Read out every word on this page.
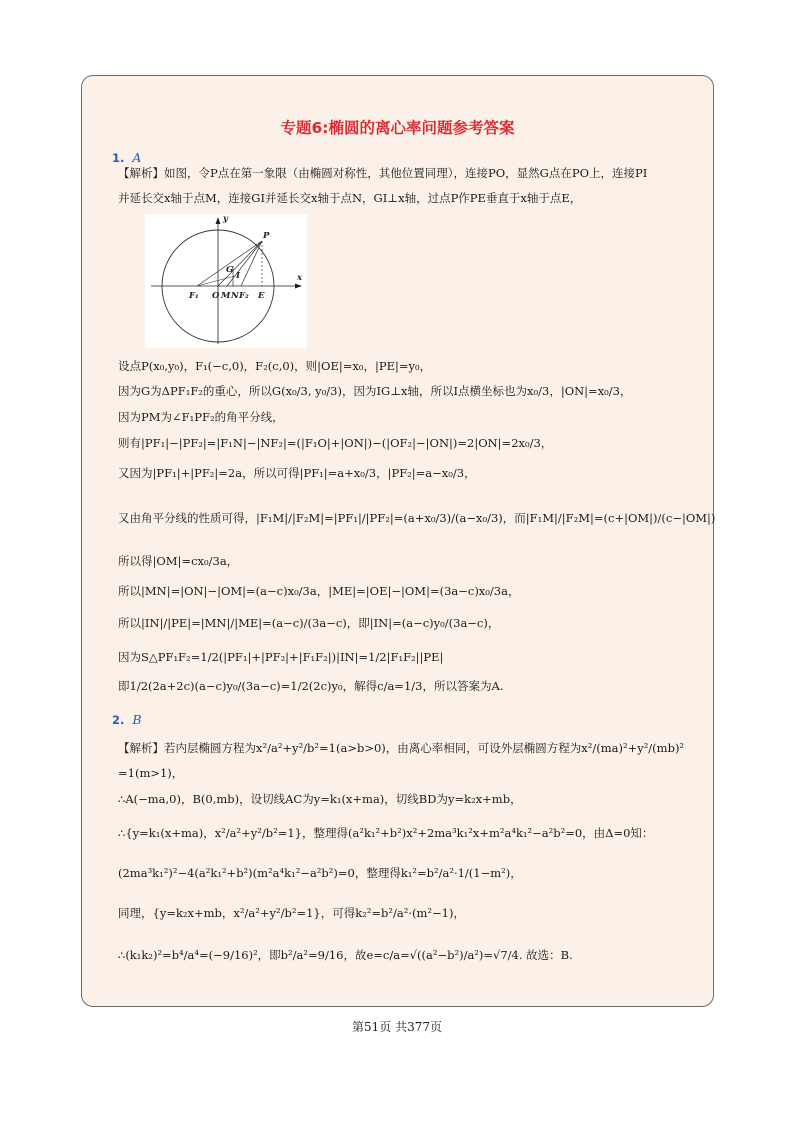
专题6:椭圆的离心率问题参考答案
1. A
【解析】如图，令P点在第一象限（由椭圆对称性，其他位置同理），连接PO，显然G点在PO上，连接PI
并延长交x轴于点M，连接GI并延长交x轴于点N，GI⊥x轴，过点P作PE垂直于x轴于点E，
y
P
G
I	x
F₁ O M N F₂ E
设点P(x₀,y₀)，F₁(−c,0)，F₂(c,0)，则|OE|=x₀，|PE|=y₀，
因为G为ΔPF₁F₂的重心，所以G(x₀/3, y₀/3)，因为IG⊥x轴，所以I点横坐标也为x₀/3，|ON|=x₀/3，
因为PM为∠F₁PF₂的角平分线，
则有|PF₁|−|PF₂|=|F₁N|−|NF₂|=(|F₁O|+|ON|)−(|OF₂|−|ON|)=2|ON|=2x₀/3，
又因为|PF₁|+|PF₂|=2a，所以可得|PF₁|=a+x₀/3，|PF₂|=a−x₀/3，
又由角平分线的性质可得，|F₁M|/|F₂M|=|PF₁|/|PF₂|=(a+x₀/3)/(a−x₀/3)，而|F₁M|/|F₂M|=(c+|OM|)/(c−|OM|)
所以得|OM|=cx₀/3a，
所以|MN|=|ON|−|OM|=(a−c)x₀/3a，|ME|=|OE|−|OM|=(3a−c)x₀/3a，
所以|IN|/|PE|=|MN|/|ME|=(a−c)/(3a−c)，即|IN|=(a−c)y₀/(3a−c)，
因为S△PF₁F₂=1/2(|PF₁|+|PF₂|+|F₁F₂|)|IN|=1/2|F₁F₂||PE|
即1/2(2a+2c)(a−c)y₀/(3a−c)=1/2(2c)y₀，解得c/a=1/3，所以答案为A.
2. B
【解析】若内层椭圆方程为x²/a²+y²/b²=1(a>b>0)，由离心率相同，可设外层椭圆方程为x²/(ma)²+y²/(mb)²
=1(m>1)，
∴A(−ma,0)，B(0,mb)，设切线AC为y=k₁(x+ma)，切线BD为y=k₂x+mb，
∴{y=k₁(x+ma)，x²/a²+y²/b²=1}，整理得(a²k₁²+b²)x²+2ma³k₁²x+m²a⁴k₁²−a²b²=0，由Δ=0知：
(2ma³k₁²)²−4(a²k₁²+b²)(m²a⁴k₁²−a²b²)=0，整理得k₁²=b²/a²·1/(1−m²)，
同理，{y=k₂x+mb，x²/a²+y²/b²=1}，可得k₂²=b²/a²·(m²−1)，
∴(k₁k₂)²=b⁴/a⁴=(−9/16)²，即b²/a²=9/16，故e=c/a=√((a²−b²)/a²)=√7/4. 故选：B.
第51页 共377页
